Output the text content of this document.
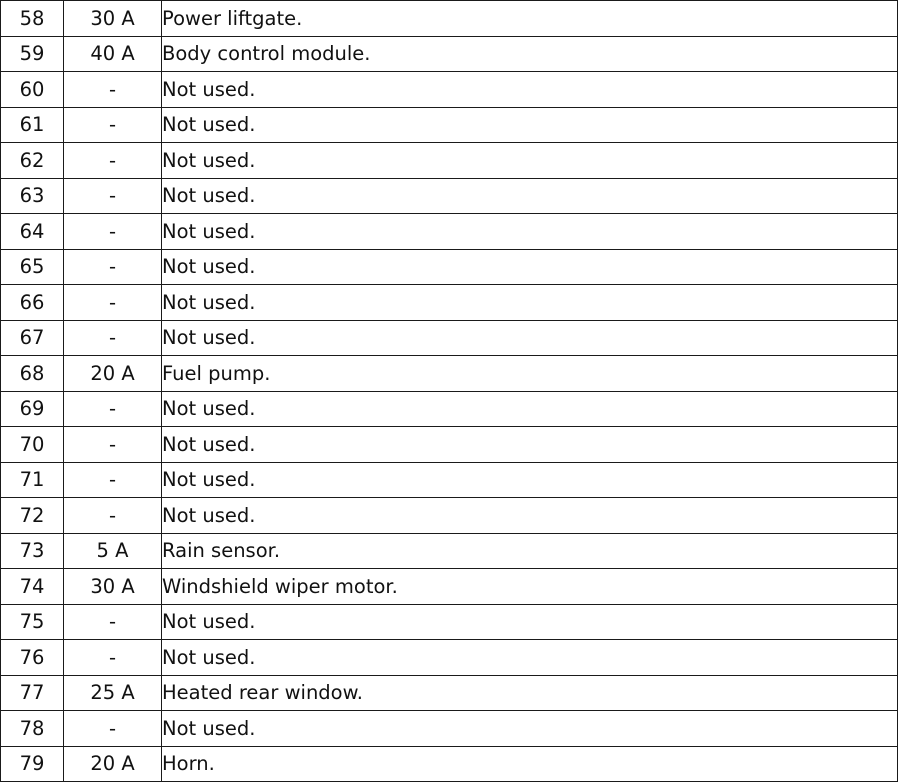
58	30 A	Power liftgate.
59	40 A	Body control module.
60	-	Not used.
61	-	Not used.
62	-	Not used.
63	-	Not used.
64	-	Not used.
65	-	Not used.
66	-	Not used.
67	-	Not used.
68	20 A	Fuel pump.
69	-	Not used.
70	-	Not used.
71	-	Not used.
72	-	Not used.
73	5 A	Rain sensor.
74	30 A	Windshield wiper motor.
75	-	Not used.
76	-	Not used.
77	25 A	Heated rear window.
78	-	Not used.
79	20 A	Horn.
